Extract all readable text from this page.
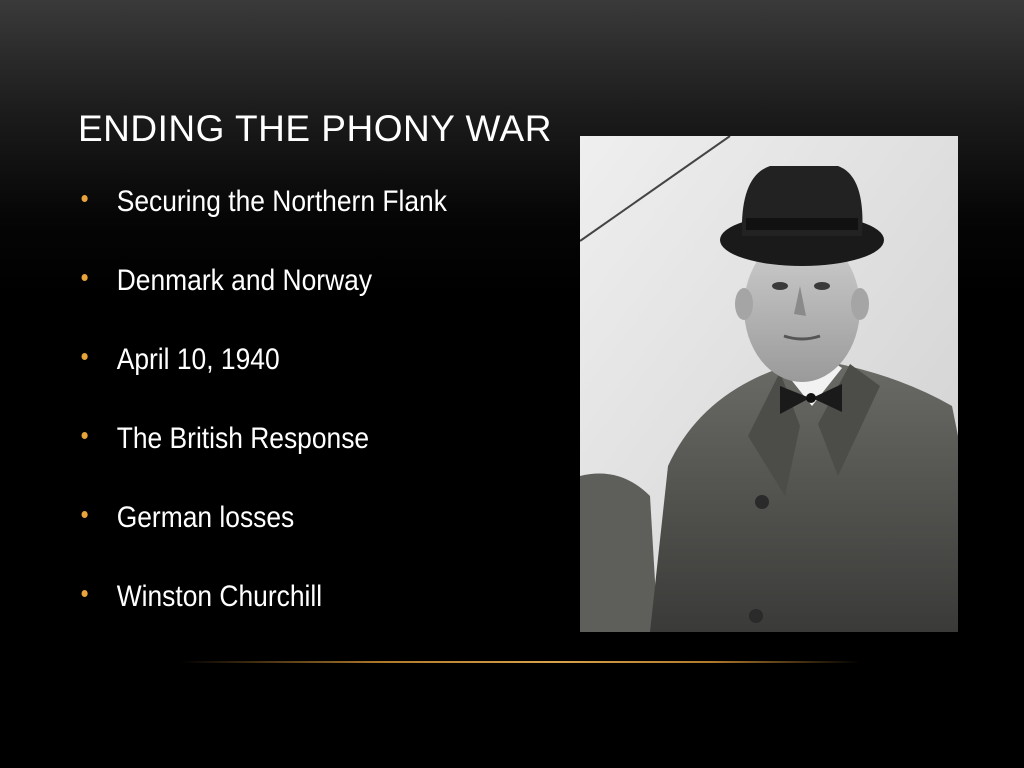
ENDING THE PHONY WAR
Securing the Northern Flank
Denmark and Norway
April 10, 1940
The British Response
German losses
Winston Churchill
